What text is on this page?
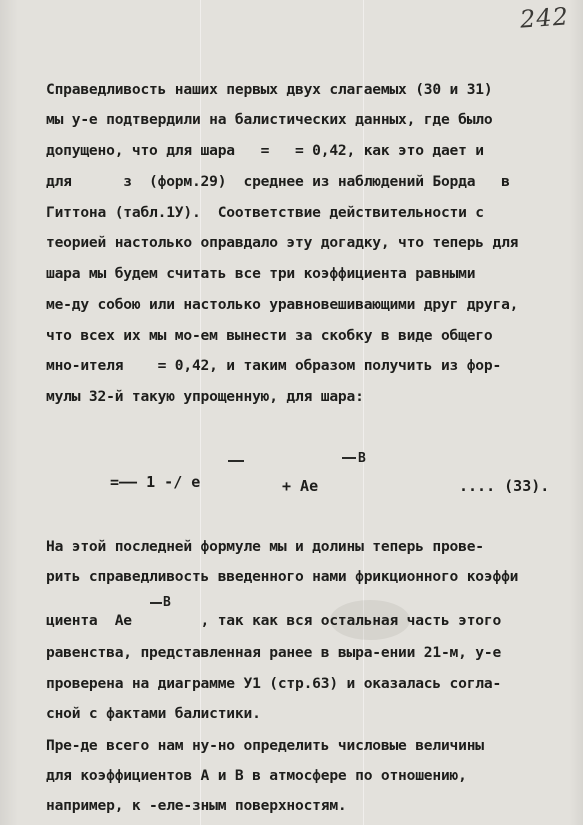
242

Справедливость наших первых двух слагаемых (30 и 31)

мы у-е подтвердили на балистических данных, где было

допущено, что для шара   =   = 0,42, как это дает и

для      з  (форм.29)  среднее из наблюдений Борда   в

Гиттона (табл.1У).  Соответствие действительности с

теорией настолько оправдало эту догадку, что теперь для

шара мы будем считать все три коэффициента равными

ме-ду собою или настолько уравновешивающими друг друга,

что всех их мы мо-ем вынести за скобку в виде общего

мно-ителя    = 0,42, и таким образом получить из фор-

мулы 32-й такую упрощенную, для шара:

=—— 1 -/ e	+ Ae
B
.... (33).

На этой последней формуле мы и долины теперь прове-

рить справедливость введенного нами фрикционного коэффи

циента  Ae        , так как вся остальная часть этого

равенства, представленная ранее в выра-ении 21-м, у-е

проверена на диаграмме У1 (стр.63) и оказалась согла-

сной с фактами балистики.

B

Пре-де всего нам ну-но определить числовые величины

для коэффициентов A и B в атмосфере по отношению,

например, к -еле-зным поверхностям.
